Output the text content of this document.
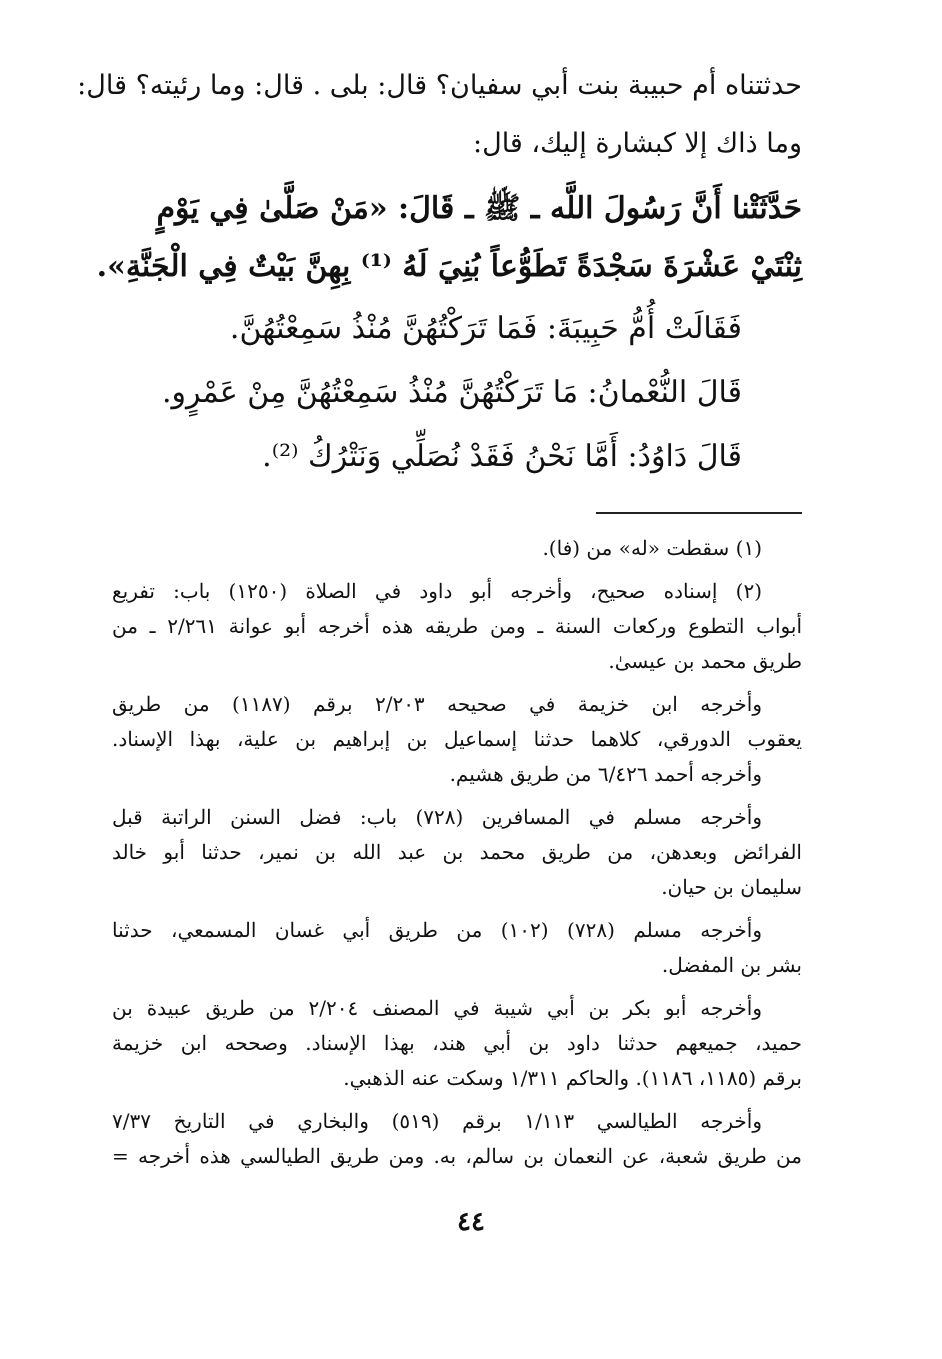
حدثتناه أم حبيبة بنت أبي سفيان؟ قال: بلى . قال: وما رئيته؟ قال:

وما ذاك إلا كبشارة إليك، قال:

حَدَّثَتْنا أَنَّ رَسُولَ اللَّه ـ ﷺ ـ قَالَ: «مَنْ صَلَّىٰ فِي يَوْمٍ

ثِنْتَيْ عَشْرَةَ سَجْدَةً تَطَوُّعاً بُنِيَ لَهُ ⁽¹⁾ بِهِنَّ بَيْتٌ فِي الْجَنَّةِ».

فَقَالَتْ أُمُّ حَبِيبَةَ: فَمَا تَرَكْتُهُنَّ مُنْذُ سَمِعْتُهُنَّ.

قَالَ النُّعْمانُ: مَا تَرَكْتُهُنَّ مُنْذُ سَمِعْتُهُنَّ مِنْ عَمْرٍو.

قَالَ دَاوُدُ: أَمَّا نَحْنُ فَقَدْ نُصَلِّي وَنَتْرُكُ ⁽²⁾.

(١) سقطت «له» من (فا).

(٢) إسناده صحيح، وأخرجه أبو داود في الصلاة (١٢٥٠) باب: تفريع

أبواب التطوع وركعات السنة ـ ومن طريقه هذه أخرجه أبو عوانة ٢/٢٦١ ـ من

طريق محمد بن عيسىٰ.

وأخرجه ابن خزيمة في صحيحه ٢/٢٠٣ برقم (١١٨٧) من طريق

يعقوب الدورقي، كلاهما حدثنا إسماعيل بن إبراهيم بن علية، بهذا الإسناد.

وأخرجه أحمد ٦/٤٢٦ من طريق هشيم.

وأخرجه مسلم في المسافرين (٧٢٨) باب: فضل السنن الراتبة قبل

الفرائض وبعدهن، من طريق محمد بن عبد الله بن نمير، حدثنا أبو خالد

سليمان بن حيان.

وأخرجه مسلم (٧٢٨) (١٠٢) من طريق أبي غسان المسمعي، حدثنا

بشر بن المفضل.

وأخرجه أبو بكر بن أبي شيبة في المصنف ٢/٢٠٤ من طريق عبيدة بن

حميد، جميعهم حدثنا داود بن أبي هند، بهذا الإسناد. وصححه ابن خزيمة

برقم (١١٨٥، ١١٨٦). والحاكم ١/٣١١ وسكت عنه الذهبي.

وأخرجه الطيالسي ١/١١٣ برقم (٥١٩) والبخاري في التاريخ ٧/٣٧

من طريق شعبة، عن النعمان بن سالم، به. ومن طريق الطيالسي هذه أخرجه =

٤٤
